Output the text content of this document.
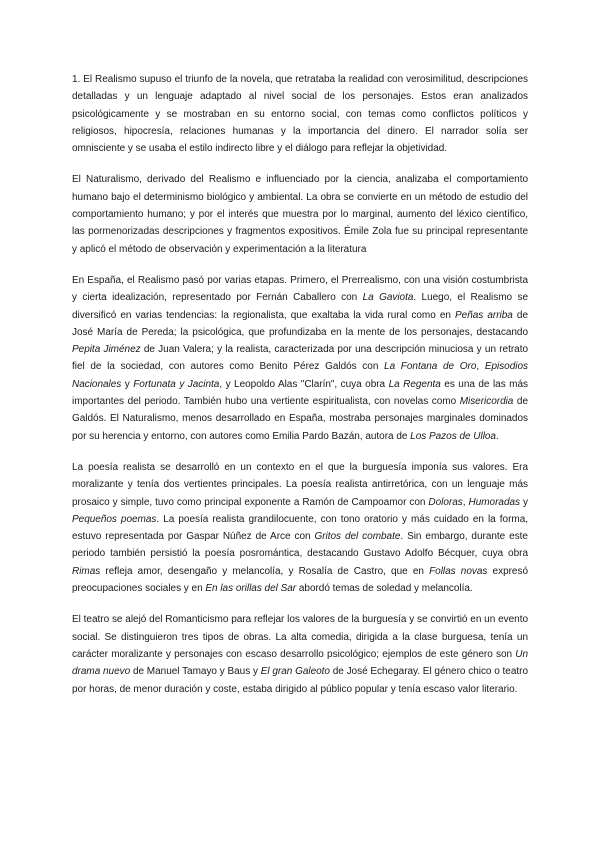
1. El Realismo supuso el triunfo de la novela, que retrataba la realidad con verosimilitud, descripciones detalladas y un lenguaje adaptado al nivel social de los personajes. Estos eran analizados psicológicamente y se mostraban en su entorno social, con temas como conflictos políticos y religiosos, hipocresía, relaciones humanas y la importancia del dinero. El narrador solía ser omnisciente y se usaba el estilo indirecto libre y el diálogo para reflejar la objetividad.

El Naturalismo, derivado del Realismo e influenciado por la ciencia, analizaba el comportamiento humano bajo el determinismo biológico y ambiental. La obra se convierte en un método de estudio del comportamiento humano; y por el interés que muestra por lo marginal, aumento del léxico científico, las pormenorizadas descripciones y fragmentos expositivos. Émile Zola fue su principal representante y aplicó el método de observación y experimentación a la literatura

En España, el Realismo pasó por varias etapas. Primero, el Prerrealismo, con una visión costumbrista y cierta idealización, representado por Fernán Caballero con La Gaviota. Luego, el Realismo se diversificó en varias tendencias: la regionalista, que exaltaba la vida rural como en Peñas arriba de José María de Pereda; la psicológica, que profundizaba en la mente de los personajes, destacando Pepita Jiménez de Juan Valera; y la realista, caracterizada por una descripción minuciosa y un retrato fiel de la sociedad, con autores como Benito Pérez Galdós con La Fontana de Oro, Episodios Nacionales y Fortunata y Jacinta, y Leopoldo Alas "Clarín", cuya obra La Regenta es una de las más importantes del periodo. También hubo una vertiente espiritualista, con novelas como Misericordia de Galdós. El Naturalismo, menos desarrollado en España, mostraba personajes marginales dominados por su herencia y entorno, con autores como Emilia Pardo Bazán, autora de Los Pazos de Ulloa.

La poesía realista se desarrolló en un contexto en el que la burguesía imponía sus valores. Era moralizante y tenía dos vertientes principales. La poesía realista antirretórica, con un lenguaje más prosaico y simple, tuvo como principal exponente a Ramón de Campoamor con Doloras, Humoradas y Pequeños poemas. La poesía realista grandilocuente, con tono oratorio y más cuidado en la forma, estuvo representada por Gaspar Núñez de Arce con Gritos del combate. Sin embargo, durante este periodo también persistió la poesía posromántica, destacando Gustavo Adolfo Bécquer, cuya obra Rimas refleja amor, desengaño y melancolía, y Rosalía de Castro, que en Follas novas expresó preocupaciones sociales y en En las orillas del Sar abordó temas de soledad y melancolía.

El teatro se alejó del Romanticismo para reflejar los valores de la burguesía y se convirtió en un evento social. Se distinguieron tres tipos de obras. La alta comedia, dirigida a la clase burguesa, tenía un carácter moralizante y personajes con escaso desarrollo psicológico; ejemplos de este género son Un drama nuevo de Manuel Tamayo y Baus y El gran Galeoto de José Echegaray. El género chico o teatro por horas, de menor duración y coste, estaba dirigido al público popular y tenía escaso valor literario.
